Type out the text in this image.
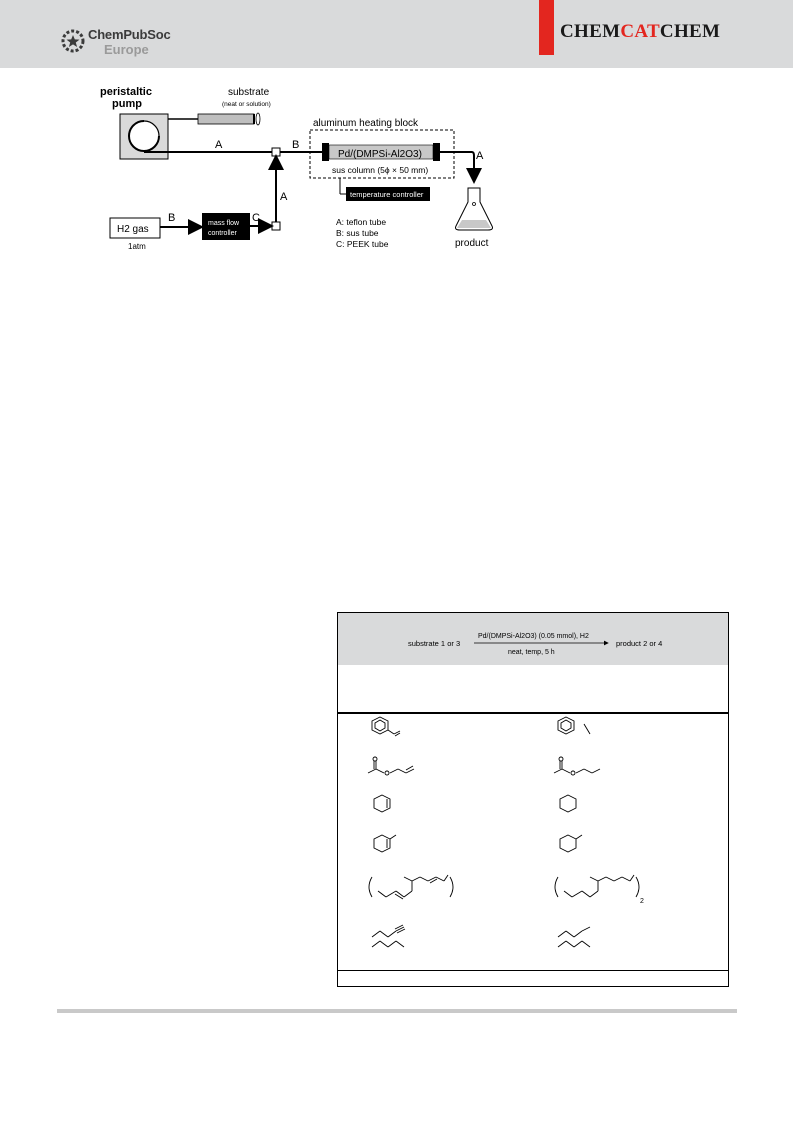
ChemPubSoc
Europe
CHEMCATCHEM
peristaltic
pump
substrate
(neat or solution)
A
A
aluminum heating block
B
Pd/(DMPSi-Al2O3)
sus column (5ϕ × 50 mm)
temperature controller
A
product
H2 gas
1atm
B	mass flow
controller
C	A: teflon tube
B: sus tube
C: PEEK tube
substrate 1 or 3
Pd/(DMPSi-Al2O3) (0.05 mmol), H2
neat, temp, 5 h
product 2 or 4
2
